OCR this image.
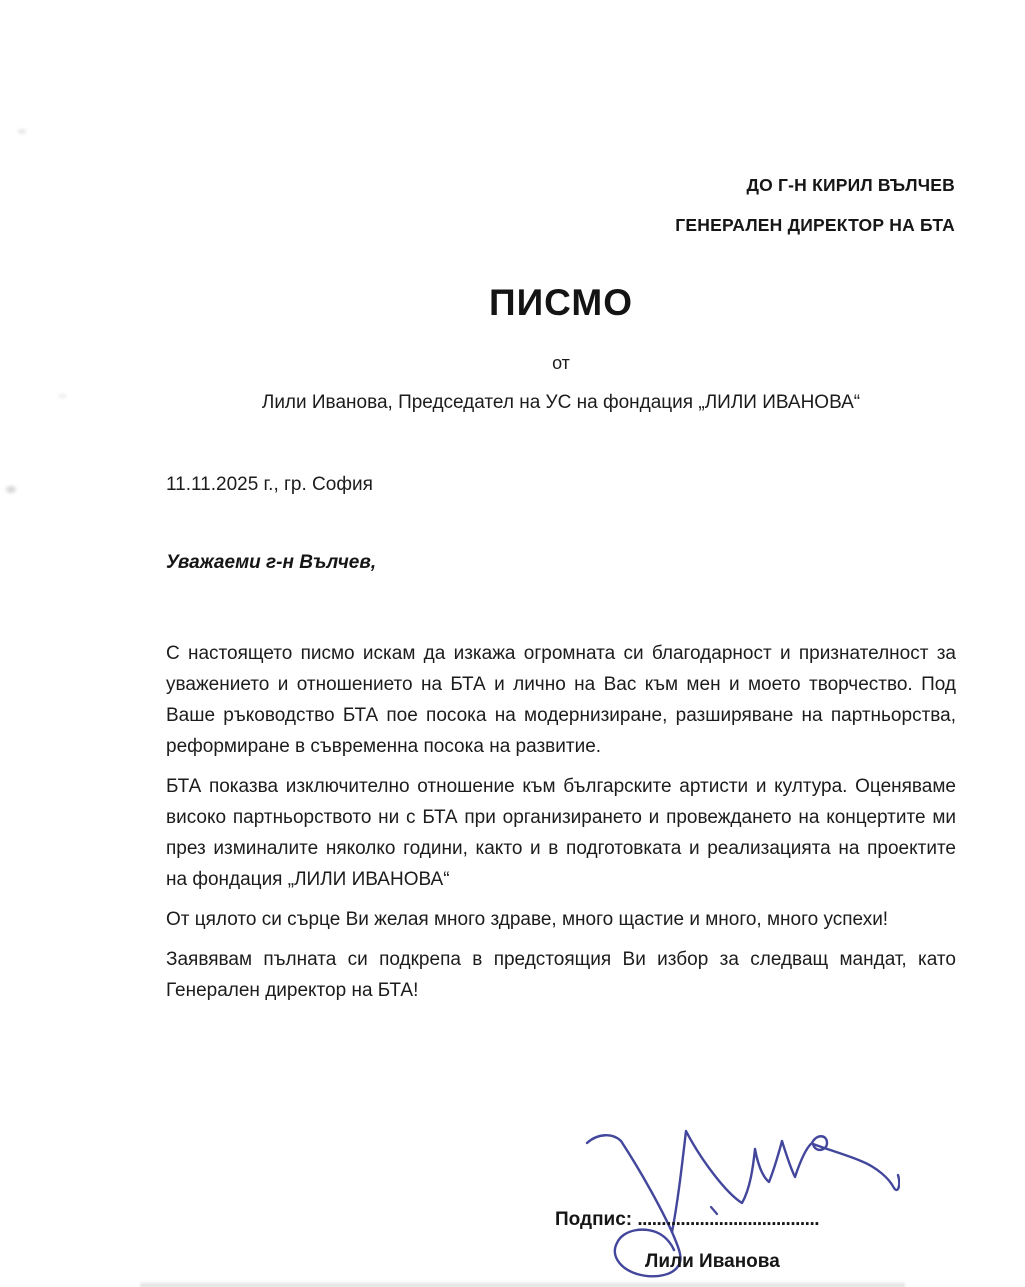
ДО Г-Н КИРИЛ ВЪЛЧЕВ
ГЕНЕРАЛЕН ДИРЕКТОР НА БТА
ПИСМО
от
Лили Иванова, Председател на УС на фондация „ЛИЛИ ИВАНОВА“
11.11.2025 г., гр. София
Уважаеми г-н Вълчев,

С настоящето писмо искам да изкажа огромната си благодарност и признателност за уважението и отношението на БТА и лично на Вас към мен и моето творчество. Под Ваше ръководство БТА пое посока на модернизиране, разширяване на партньорства, реформиране в съвременна посока на развитие.

БТА показва изключително отношение към българските артисти и култура. Оценяваме високо партньорството ни с БТА при организирането и провеждането на концертите ми през изминалите няколко години, както и в подготовката и реализацията на проектите на фондация „ЛИЛИ ИВАНОВА“

От цялото си сърце Ви желая много здраве, много щастие и много, много успехи!

Заявявам пълната си подкрепа в предстоящия Ви избор за следващ мандат, като Генерален директор на БТА!

Подпис: ......................................
Лили Иванова
